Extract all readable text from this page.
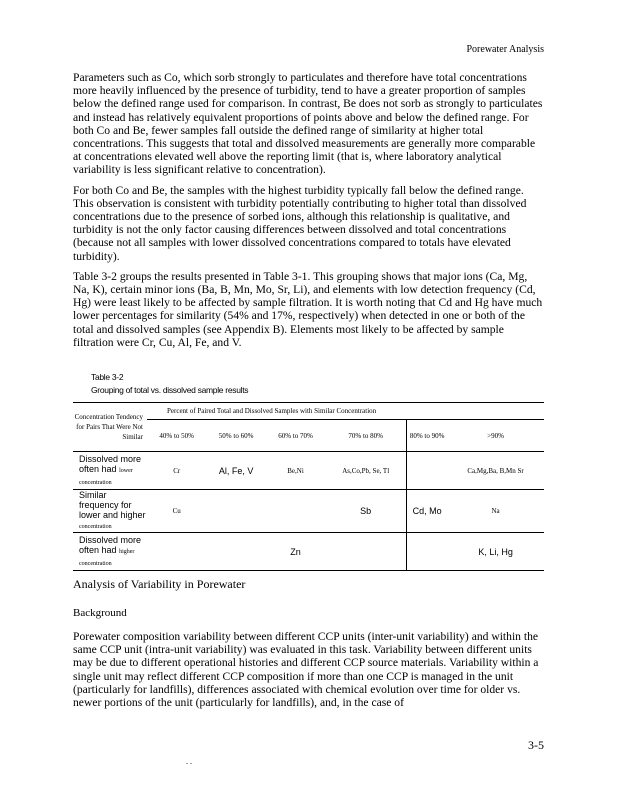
Porewater Analysis

Parameters such as Co, which sorb strongly to particulates and therefore have total concentrations more heavily influenced by the presence of turbidity, tend to have a greater proportion of samples below the defined range used for comparison. In contrast, Be does not sorb as strongly to particulates and instead has relatively equivalent proportions of points above and below the defined range. For both Co and Be, fewer samples fall outside the defined range of similarity at higher total concentrations. This suggests that total and dissolved measurements are generally more comparable at concentrations elevated well above the reporting limit (that is, where laboratory analytical variability is less significant relative to concentration).

For both Co and Be, the samples with the highest turbidity typically fall below the defined range. This observation is consistent with turbidity potentially contributing to higher total than dissolved concentrations due to the presence of sorbed ions, although this relationship is qualitative, and turbidity is not the only factor causing differences between dissolved and total concentrations (because not all samples with lower dissolved concentrations compared to totals have elevated turbidity).

Table 3-2 groups the results presented in Table 3-1. This grouping shows that major ions (Ca, Mg, Na, K), certain minor ions (Ba, B, Mn, Mo, Sr, Li), and elements with low detection frequency (Cd, Hg) were least likely to be affected by sample filtration. It is worth noting that Cd and Hg have much lower percentages for similarity (54% and 17%, respectively) when detected in one or both of the total and dissolved samples (see Appendix B). Elements most likely to be affected by sample filtration were Cr, Cu, Al, Fe, and V.

Table 3-2
Grouping of total vs. dissolved sample results
Concentration Tendency for Pairs That Were Not Similar	Percent of Paired Total and Dissolved Samples with Similar Concentration					
	40% to 50%	50% to 60%	60% to 70%	70% to 80%	80% to 90%	>90%
Dissolved more often had lower concentration	Cr	Al, Fe, V	Be,Ni	As,Co,Pb, Se, Tl		Ca,Mg,Ba, B,Mn Sr
Similar frequency for lower and higher concentration	Cu			Sb	Cd, Mo	Na
Dissolved more often had higher concentration			Zn			K, Li, Hg
Analysis of Variability in Porewater
Background

Porewater composition variability between different CCP units (inter-unit variability) and within the same CCP unit (intra-unit variability) was evaluated in this task. Variability between different units may be due to different operational histories and different CCP source materials. Variability within a single unit may reflect different CCP composition if more than one CCP is managed in the unit (particularly for landfills), differences associated with chemical evolution over time for older vs. newer portions of the unit (particularly for landfills), and, in the case of

3-5
. .
